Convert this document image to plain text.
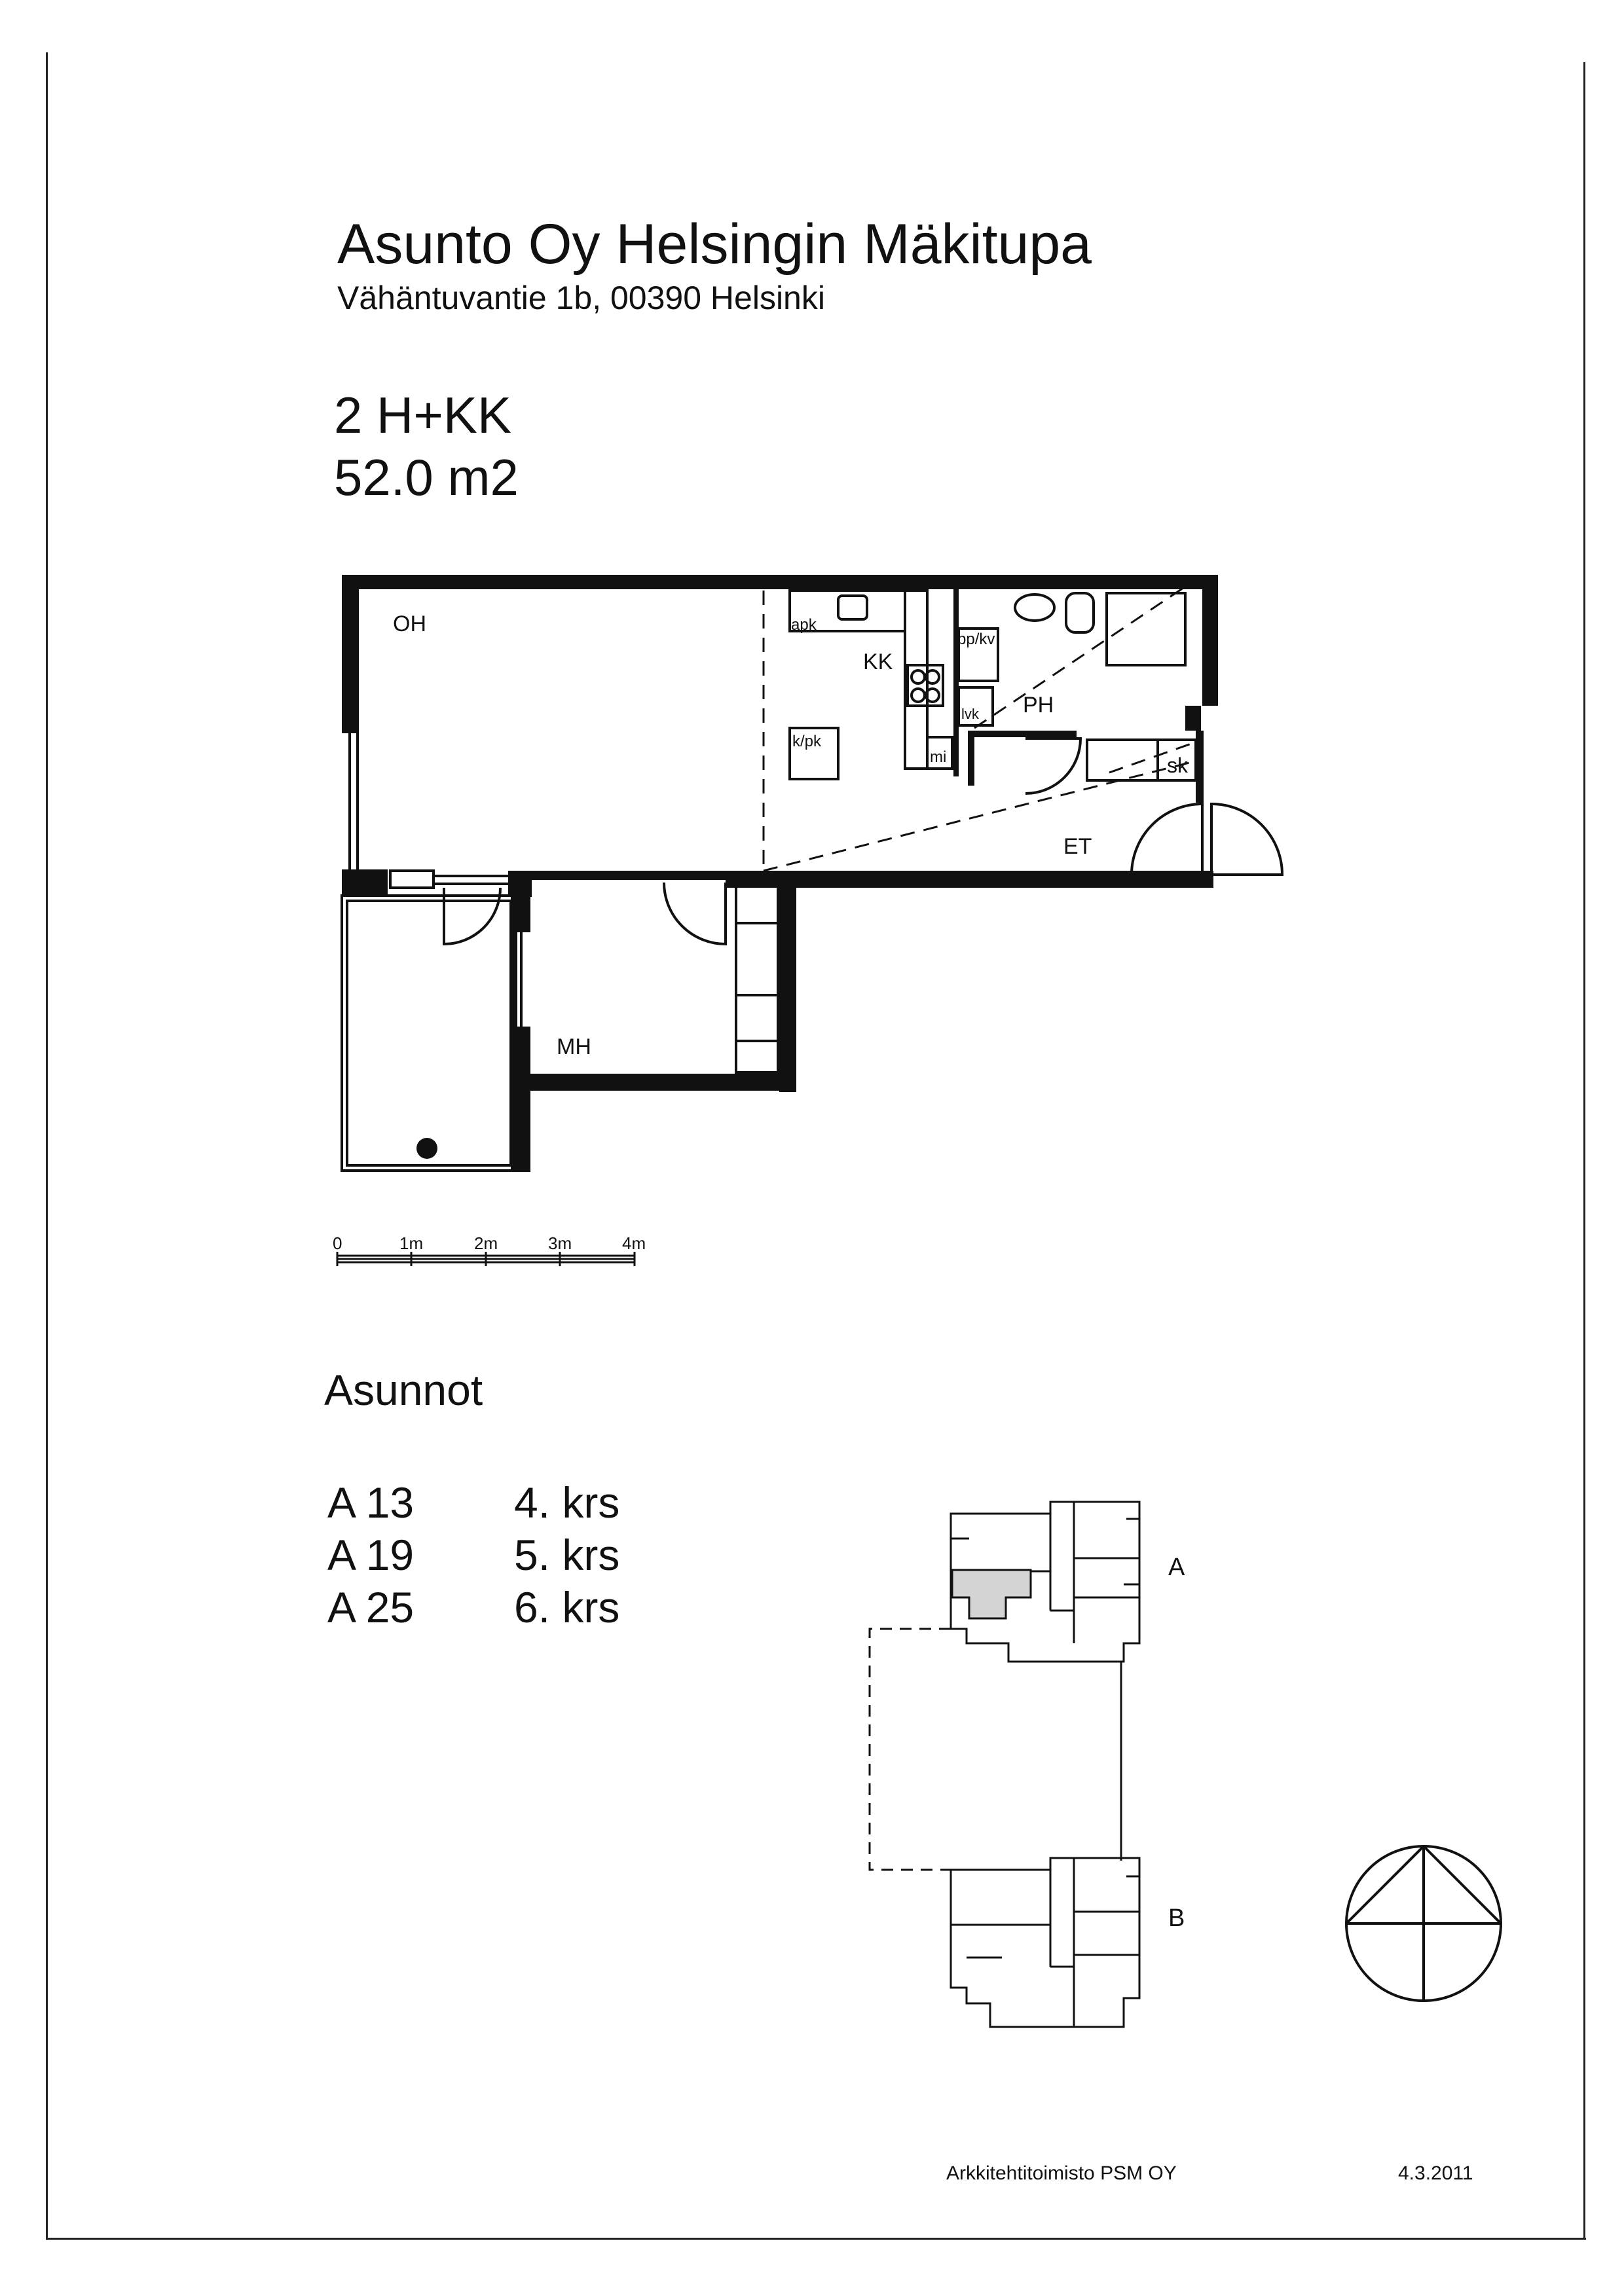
Asunto Oy Helsingin Mäkitupa
Vähäntuvantie 1b, 00390 Helsinki
2 H+KK
52.0 m2
OH
KK
PH
ET
MH
apk
pp/kv
lvk
mi
k/pk
sk
0	1m	2m	3m	4m
Asunnot
A 13 4. krs
A 19 5. krs
A 25 6. krs
A
B
Arkkitehtitoimisto PSM OY	4.3.2011
